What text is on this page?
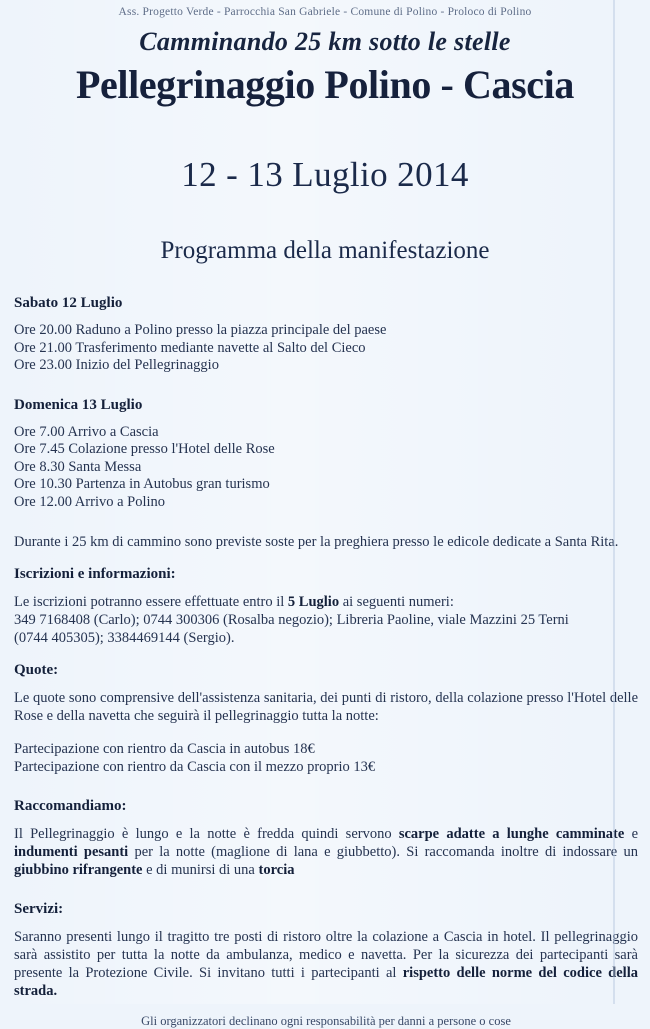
Ass. Progetto Verde - Parrocchia San Gabriele - Comune di Polino - Proloco di Polino
Camminando 25 km sotto le stelle
Pellegrinaggio Polino - Cascia
12 - 13 Luglio 2014
Programma della manifestazione
Sabato 12 Luglio
Ore 20.00 Raduno a Polino presso la piazza principale del paese
Ore 21.00 Trasferimento mediante navette al Salto del Cieco
Ore 23.00 Inizio del Pellegrinaggio
Domenica 13 Luglio
Ore 7.00 Arrivo a Cascia
Ore 7.45 Colazione presso l'Hotel delle Rose
Ore 8.30 Santa Messa
Ore 10.30 Partenza in Autobus gran turismo
Ore 12.00 Arrivo a Polino
Durante i 25 km di cammino sono previste soste per la preghiera presso le edicole dedicate a Santa Rita.
Iscrizioni e informazioni:
Le iscrizioni potranno essere effettuate entro il 5 Luglio ai seguenti numeri:
349 7168408 (Carlo); 0744 300306 (Rosalba negozio); Libreria Paoline, viale Mazzini 25 Terni
(0744 405305); 3384469144 (Sergio).
Quote:
Le quote sono comprensive dell'assistenza sanitaria, dei punti di ristoro, della colazione presso l'Hotel delle Rose e della navetta che seguirà il pellegrinaggio tutta la notte:
Partecipazione con rientro da Cascia in autobus 18€
Partecipazione con rientro da Cascia con il mezzo proprio 13€
Raccomandiamo:
Il Pellegrinaggio è lungo e la notte è fredda quindi servono scarpe adatte a lunghe camminate e indumenti pesanti per la notte (maglione di lana e giubbetto). Si raccomanda inoltre di indossare un giubbino rifrangente e di munirsi di una torcia
Servizi:
Saranno presenti lungo il tragitto tre posti di ristoro oltre la colazione a Cascia in hotel. Il pellegrinaggio sarà assistito per tutta la notte da ambulanza, medico e navetta. Per la sicurezza dei partecipanti sarà presente la Protezione Civile. Si invitano tutti i partecipanti al rispetto delle norme del codice della strada.
Gli organizzatori declinano ogni responsabilità per danni a persone o cose
